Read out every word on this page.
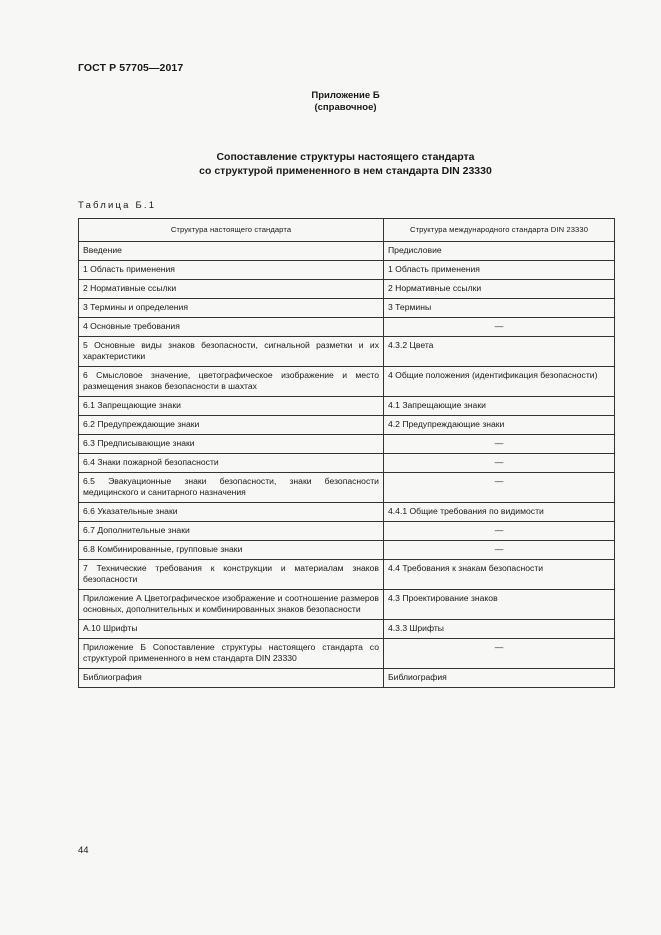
ГОСТ Р 57705—2017
Приложение Б
(справочное)
Сопоставление структуры настоящего стандарта
со структурой примененного в нем стандарта DIN 23330
Таблица Б.1
Структура настоящего стандарта	Структура международного стандарта DIN 23330
Введение	Предисловие
1 Область применения	1 Область применения
2 Нормативные ссылки	2 Нормативные ссылки
3 Термины и определения	3 Термины
4 Основные требования	—
5 Основные виды знаков безопасности, сигнальной разметки и их характеристики	4.3.2 Цвета
6 Смысловое значение, цветографическое изображение и место размещения знаков безопасности в шахтах	4 Общие положения (идентификация безопасности)
6.1 Запрещающие знаки	4.1 Запрещающие знаки
6.2 Предупреждающие знаки	4.2 Предупреждающие знаки
6.3 Предписывающие знаки	—
6.4 Знаки пожарной безопасности	—
6.5 Эвакуационные знаки безопасности, знаки безопасности медицинского и санитарного назначения	—
6.6 Указательные знаки	4.4.1 Общие требования по видимости
6.7 Дополнительные знаки	—
6.8 Комбинированные, групповые знаки	—
7 Технические требования к конструкции и материалам знаков безопасности	4.4 Требования к знакам безопасности
Приложение А Цветографическое изображение и соотношение размеров основных, дополнительных и комбинированных знаков безопасности	4.3 Проектирование знаков
А.10 Шрифты	4.3.3 Шрифты
Приложение Б Сопоставление структуры настоящего стандарта со структурой примененного в нем стандарта DIN 23330	—
Библиография	Библиография
44
